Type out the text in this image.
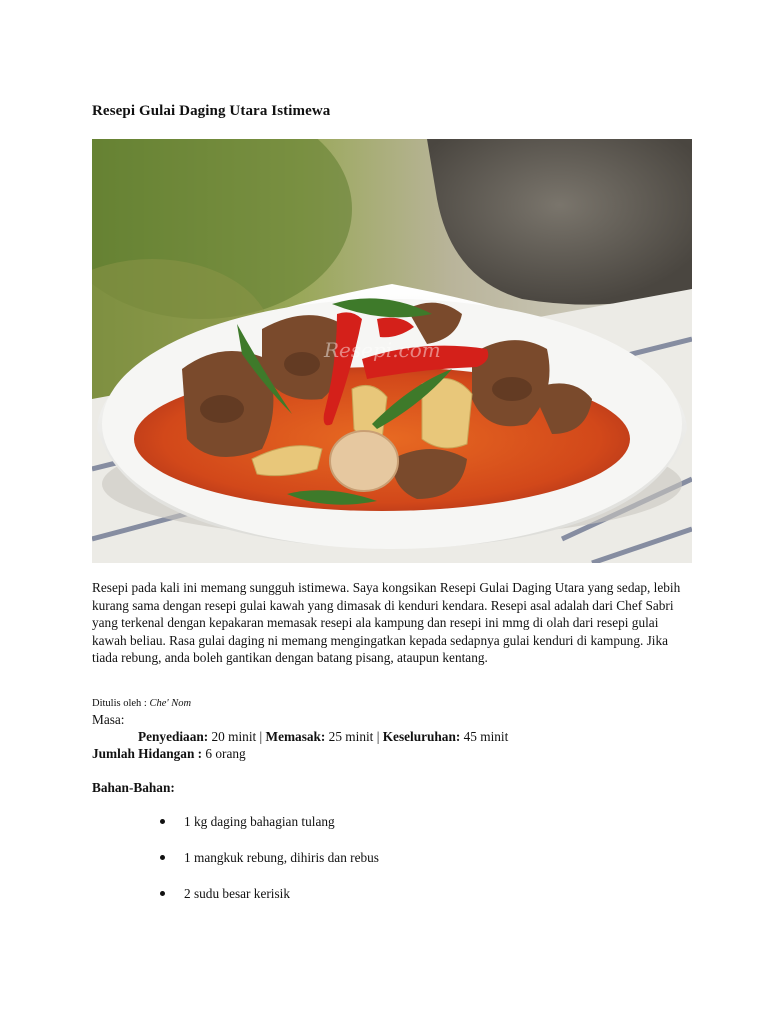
Resepi Gulai Daging Utara Istimewa
Resepi.com

Resepi pada kali ini memang sungguh istimewa. Saya kongsikan Resepi Gulai Daging Utara yang sedap, lebih kurang sama dengan resepi gulai kawah yang dimasak di kenduri kendara. Resepi asal adalah dari Chef Sabri yang terkenal dengan kepakaran memasak resepi ala kampung dan resepi ini mmg di olah dari resepi gulai kawah beliau. Rasa gulai daging ni memang mengingatkan kepada sedapnya gulai kenduri di kampung. Jika tiada rebung, anda boleh gantikan dengan batang pisang, ataupun kentang.

Ditulis oleh : Che' Nom

Masa:

Penyediaan: 20 minit | Memasak: 25 minit | Keseluruhan: 45 minit

Jumlah Hidangan : 6 orang

Bahan-Bahan:

1 kg daging bahagian tulang
1 mangkuk rebung, dihiris dan rebus
2 sudu besar kerisik
